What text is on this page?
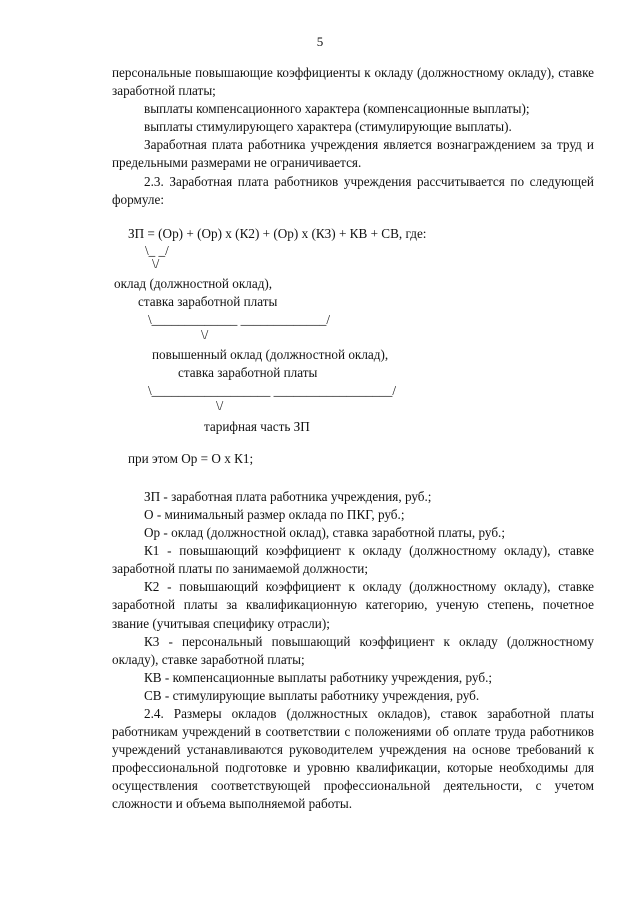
5

персональные повышающие коэффициенты к окладу (должностному окладу), ставке заработной платы;

выплаты компенсационного характера (компенсационные выплаты);

выплаты стимулирующего характера (стимулирующие выплаты).

Заработная плата работника учреждения является вознаграждением за труд и предельными размерами не ограничивается.

2.3. Заработная плата работников учреждения рассчитывается по следующей формуле:

ЗП = (Ор) + (Ор) х (К2) + (Ор) х (К3) + КВ + СВ, где:
\_ _/
\/
оклад (должностной оклад),
ставка заработной платы
\_____________ _____________/
\/
повышенный оклад (должностной оклад),
ставка заработной платы
\__________________ __________________/
\/
тарифная часть ЗП

при этом Ор = О х К1;

ЗП - заработная плата работника учреждения, руб.;

О - минимальный размер оклада по ПКГ, руб.;

Ор - оклад (должностной оклад), ставка заработной платы, руб.;

К1 - повышающий коэффициент к окладу (должностному окладу), ставке заработной платы по занимаемой должности;

К2 - повышающий коэффициент к окладу (должностному окладу), ставке заработной платы за квалификационную категорию, ученую степень, почетное звание (учитывая специфику отрасли);

К3 - персональный повышающий коэффициент к окладу (должностному окладу), ставке заработной платы;

КВ - компенсационные выплаты работнику учреждения, руб.;

СВ - стимулирующие выплаты работнику учреждения, руб.

2.4. Размеры окладов (должностных окладов), ставок заработной платы работникам учреждений в соответствии с положениями об оплате труда работников учреждений устанавливаются руководителем учреждения на основе требований к профессиональной подготовке и уровню квалификации, которые необходимы для осуществления соответствующей профессиональной деятельности, с учетом сложности и объема выполняемой работы.
